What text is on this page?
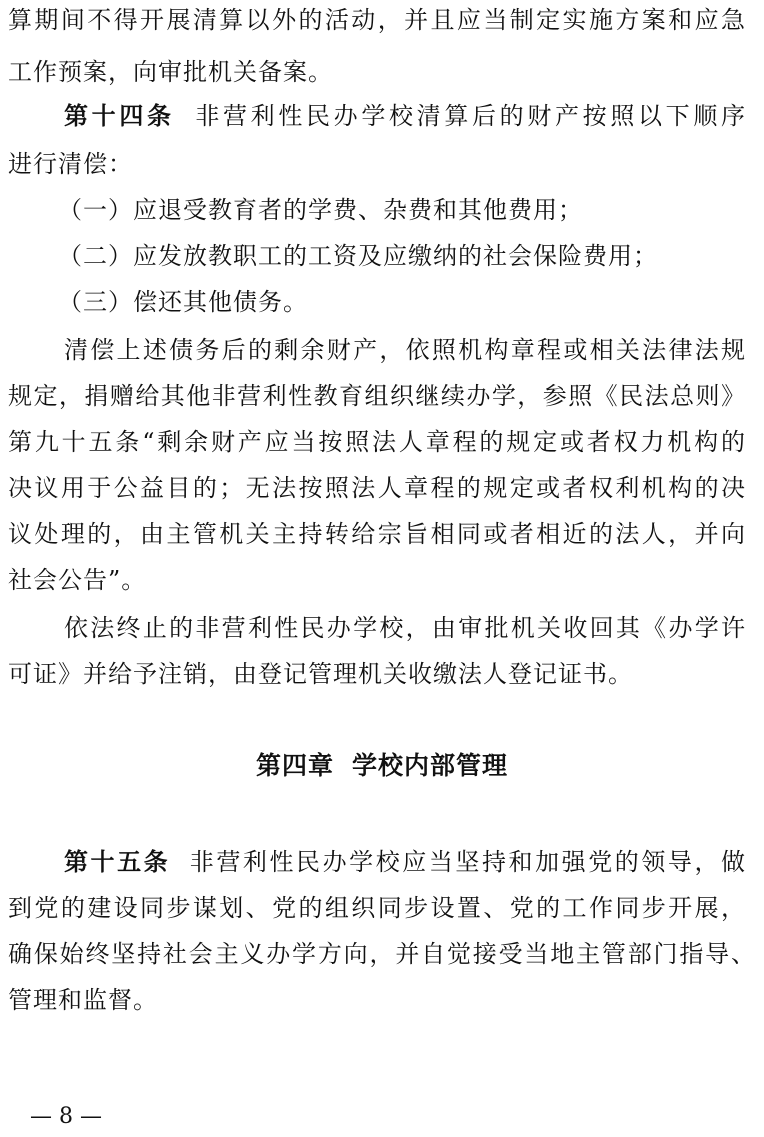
算期间不得开展清算以外的活动，并且应当制定实施方案和应急
工作预案，向审批机关备案。
第十四条 非营利性民办学校清算后的财产按照以下顺序
进行清偿：
（一）应退受教育者的学费、杂费和其他费用；
（二）应发放教职工的工资及应缴纳的社会保险费用；
（三）偿还其他债务。
清偿上述债务后的剩余财产，依照机构章程或相关法律法规
规定，捐赠给其他非营利性教育组织继续办学，参照《民法总则》
第九十五条“剩余财产应当按照法人章程的规定或者权力机构的
决议用于公益目的；无法按照法人章程的规定或者权利机构的决
议处理的，由主管机关主持转给宗旨相同或者相近的法人，并向
社会公告”。
依法终止的非营利性民办学校，由审批机关收回其《办学许
可证》并给予注销，由登记管理机关收缴法人登记证书。
第四章 学校内部管理
第十五条 非营利性民办学校应当坚持和加强党的领导，做
到党的建设同步谋划、党的组织同步设置、党的工作同步开展，
确保始终坚持社会主义办学方向，并自觉接受当地主管部门指导、
管理和监督。
— 8 —
